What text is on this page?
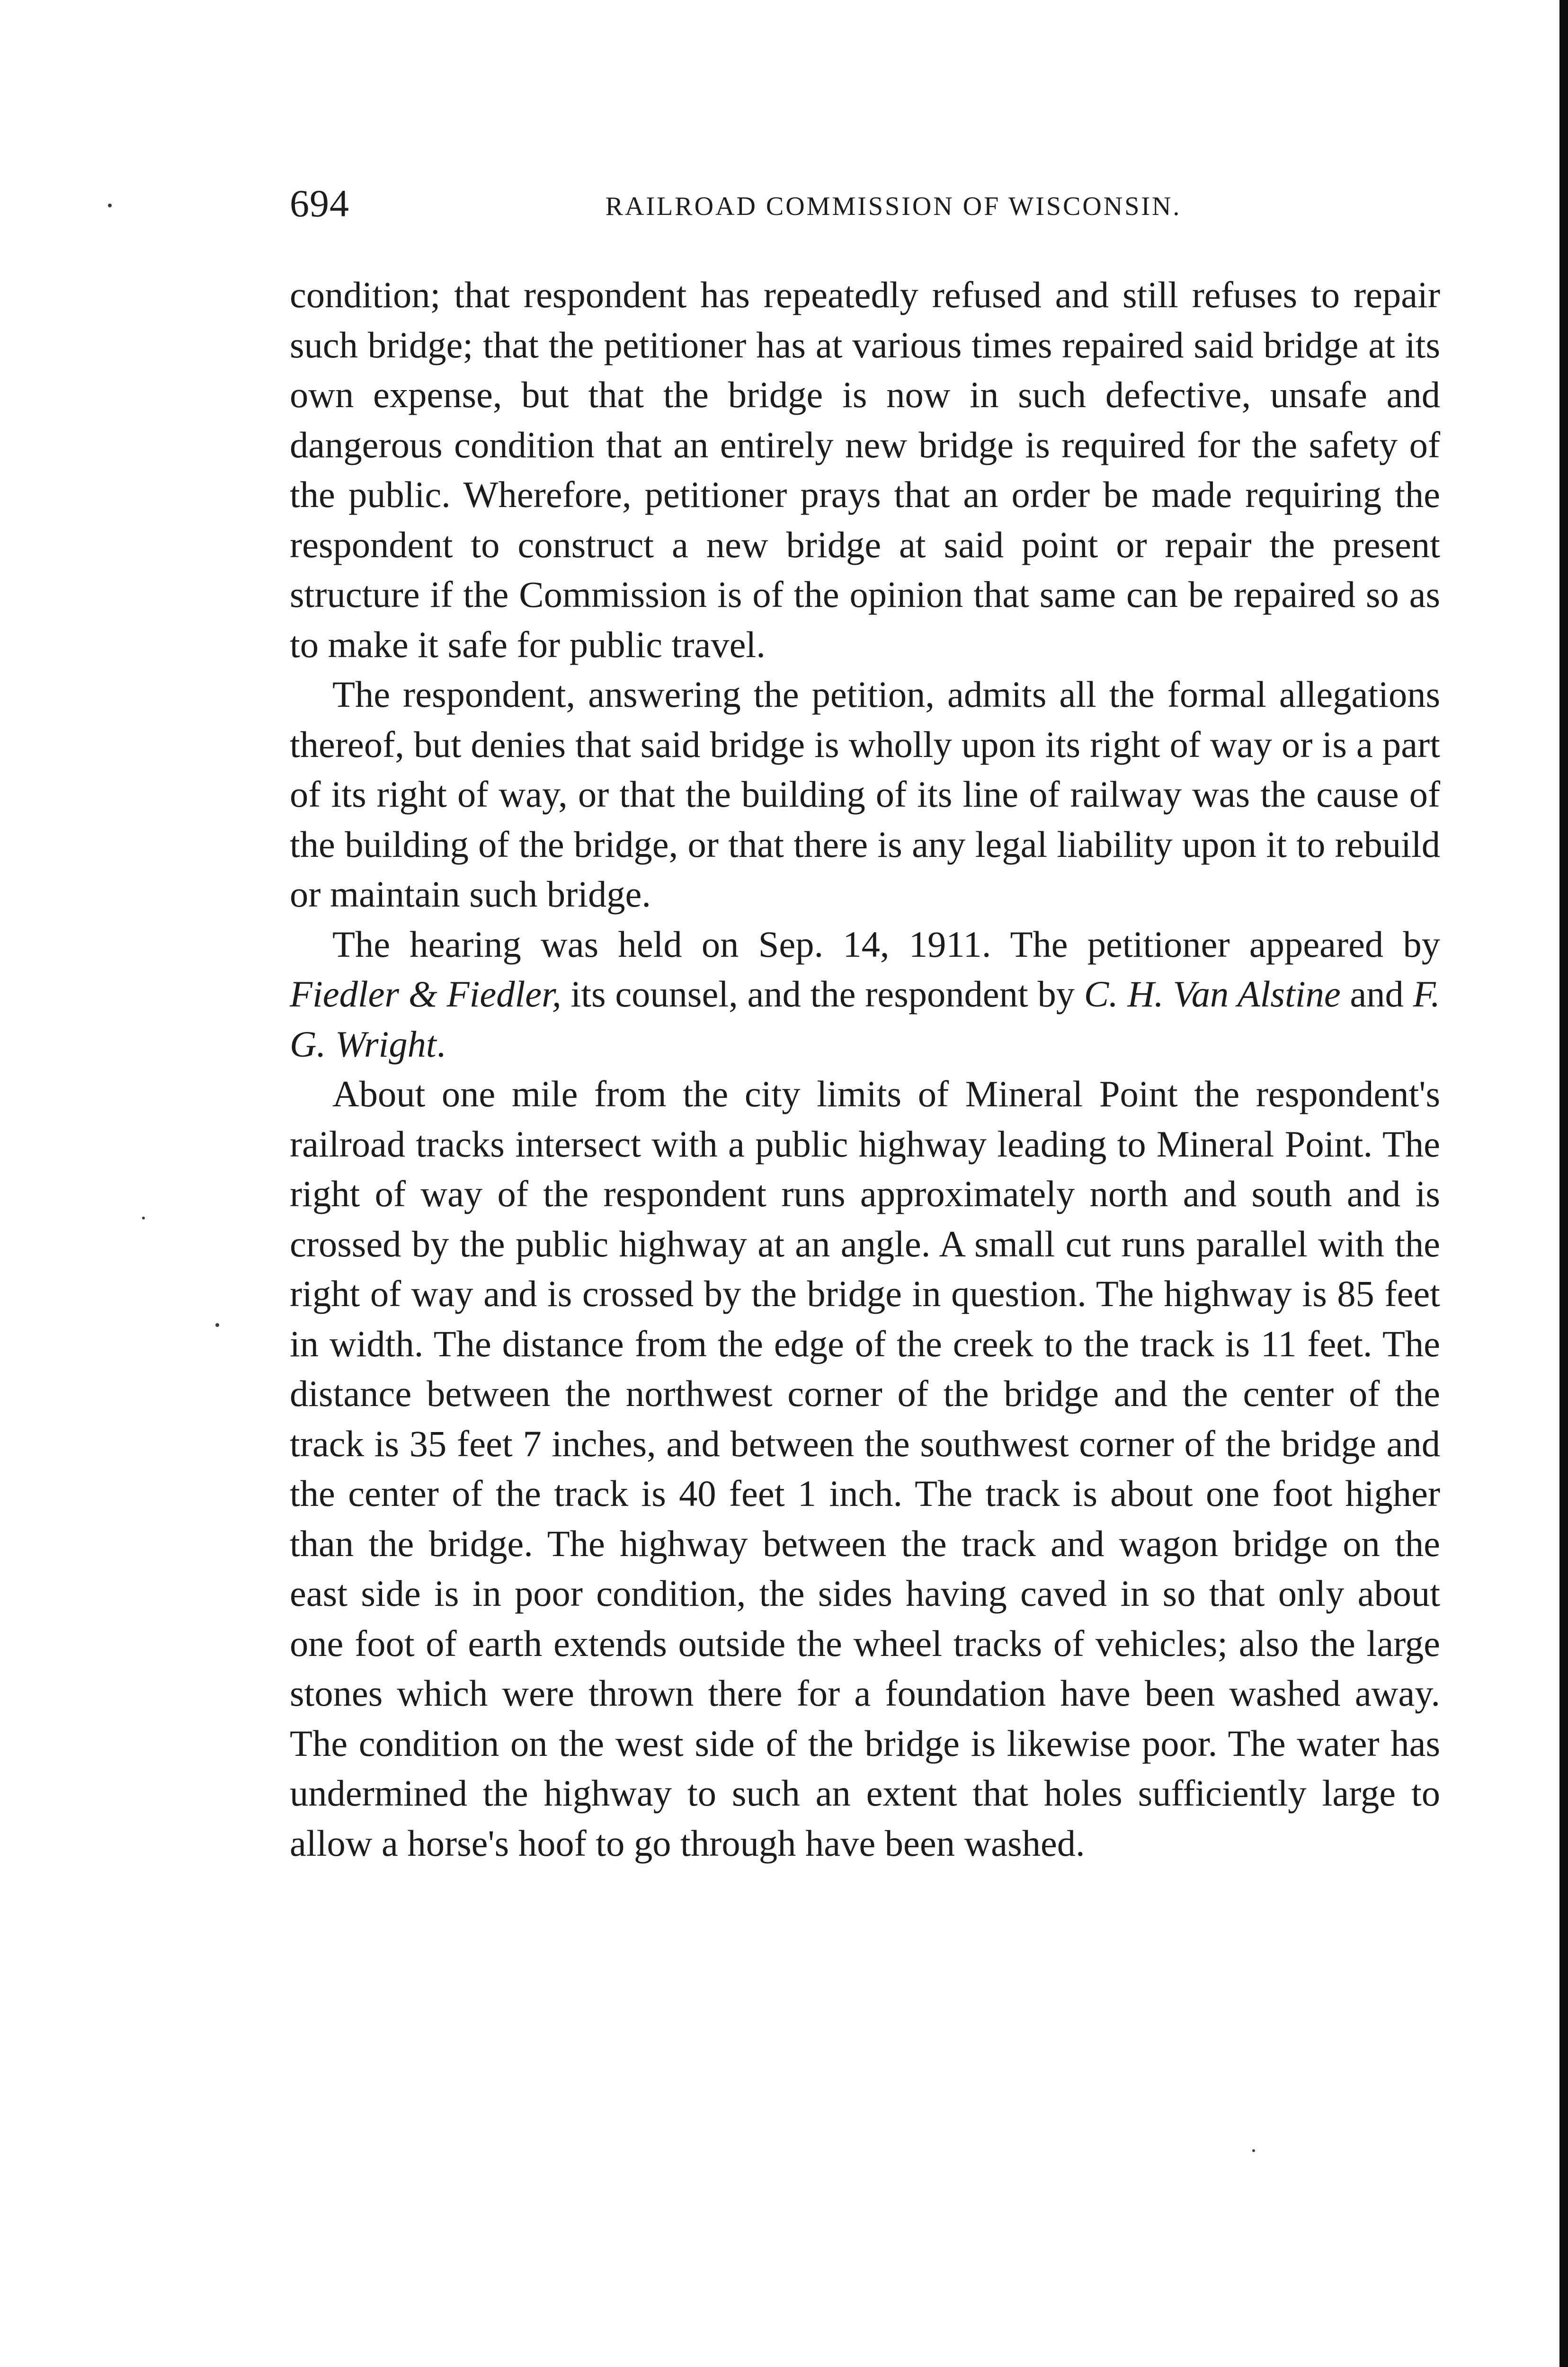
694	RAILROAD COMMISSION OF WISCONSIN.

condition; that respondent has repeatedly refused and still refuses to repair such bridge; that the petitioner has at various times repaired said bridge at its own expense, but that the bridge is now in such defective, unsafe and dangerous condition that an entirely new bridge is required for the safety of the public. Wherefore, petitioner prays that an order be made requiring the respondent to construct a new bridge at said point or repair the present structure if the Commission is of the opinion that same can be repaired so as to make it safe for public travel.

The respondent, answering the petition, admits all the formal allegations thereof, but denies that said bridge is wholly upon its right of way or is a part of its right of way, or that the building of its line of railway was the cause of the building of the bridge, or that there is any legal liability upon it to rebuild or maintain such bridge.

The hearing was held on Sep. 14, 1911. The petitioner appeared by Fiedler & Fiedler, its counsel, and the respondent by C. H. Van Alstine and F. G. Wright.

About one mile from the city limits of Mineral Point the respondent's railroad tracks intersect with a public highway leading to Mineral Point. The right of way of the respondent runs approximately north and south and is crossed by the public highway at an angle. A small cut runs parallel with the right of way and is crossed by the bridge in question. The highway is 85 feet in width. The distance from the edge of the creek to the track is 11 feet. The distance between the northwest corner of the bridge and the center of the track is 35 feet 7 inches, and between the southwest corner of the bridge and the center of the track is 40 feet 1 inch. The track is about one foot higher than the bridge. The highway between the track and wagon bridge on the east side is in poor condition, the sides having caved in so that only about one foot of earth extends outside the wheel tracks of vehicles; also the large stones which were thrown there for a foundation have been washed away. The condition on the west side of the bridge is likewise poor. The water has undermined the highway to such an extent that holes sufficiently large to allow a horse's hoof to go through have been washed.
